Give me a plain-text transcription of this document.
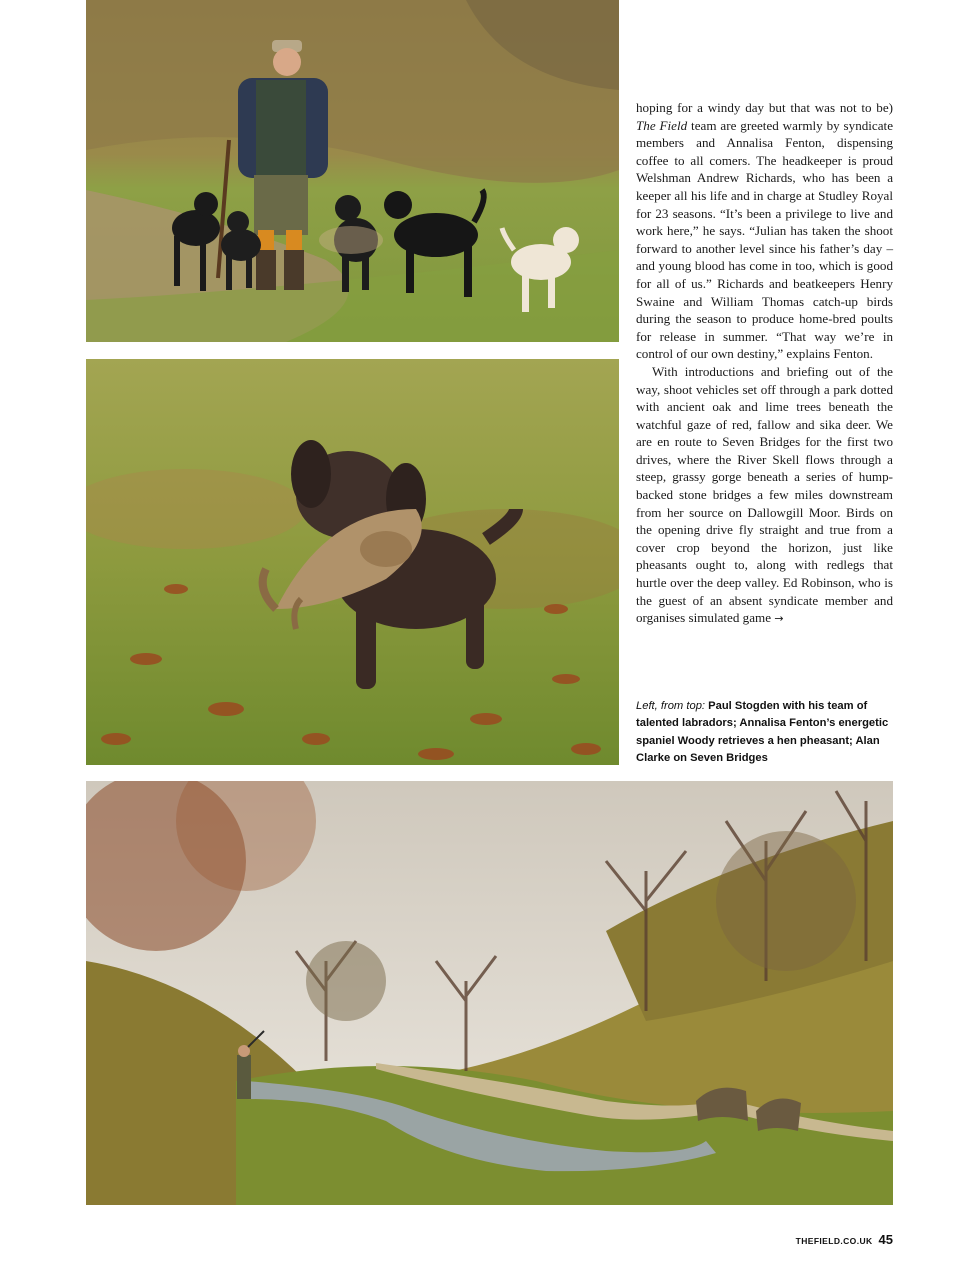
hoping for a windy day but that was not to be) The Field team are greeted warmly by syndicate members and Annalisa Fenton, dispensing coffee to all comers. The headkeeper is proud Welshman Andrew Richards, who has been a keeper all his life and in charge at Studley Royal for 23 seasons. “It’s been a privilege to live and work here,” he says. “Julian has taken the shoot forward to another level since his father’s day – and young blood has come in too, which is good for all of us.” Richards and beatkeepers Henry Swaine and William Thomas catch-up birds during the season to produce home-bred poults for release in summer. “That way we’re in control of our own destiny,” explains Fenton.

With introductions and briefing out of the way, shoot vehicles set off through a park dotted with ancient oak and lime trees beneath the watchful gaze of red, fallow and sika deer. We are en route to Seven Bridges for the first two drives, where the River Skell flows through a steep, grassy gorge beneath a series of hump-backed stone bridges a few miles downstream from her source on Dallowgill Moor. Birds on the opening drive fly straight and true from a cover crop beyond the horizon, just like pheasants ought to, along with redlegs that hurtle over the deep valley. Ed Robinson, who is the guest of an absent syndicate member and organises simulated game →

Left, from top: Paul Stogden with his team of talented labradors; Annalisa Fenton’s energetic spaniel Woody retrieves a hen pheasant; Alan Clarke on Seven Bridges
THEFIELD.CO.UK 45
